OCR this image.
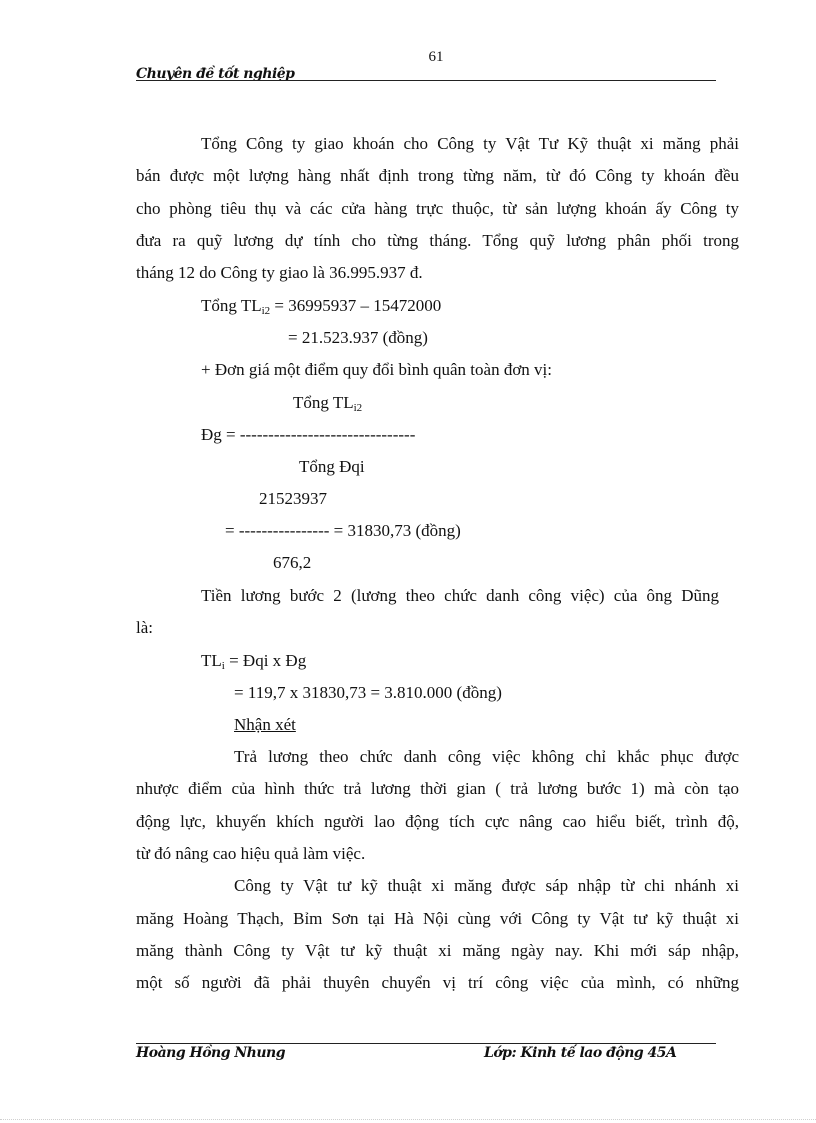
61
Chuyên đề tốt nghiệp
Tổng Công ty giao khoán cho Công ty Vật Tư Kỹ thuật xi măng phải
bán được một lượng hàng nhất định trong từng năm, từ đó Công ty khoán đều
cho phòng tiêu thụ và các cửa hàng trực thuộc, từ sản lượng khoán ấy Công ty
đưa ra quỹ lương dự tính cho từng tháng. Tổng quỹ lương phân phối trong
tháng 12 do Công ty giao là 36.995.937 đ.
Tổng $TL_{i2} = 36995937 - 15472000$
= 21.523.937 (đồng)
+ Đơn giá một điểm quy đổi bình quân toàn đơn vị:
Tổng $TL_{i2}$
Đg = -------------------------------
Tổng Đqi
21523937
= ---------------- = 31830,73 (đồng)
676,2
Tiền lương bước 2 (lương theo chức danh công việc) của ông Dũng
là:
$TL_i$ = Đqi x Đg
= 119,7 x 31830,73 = 3.810.000 (đồng)
Nhận xét
Trả lương theo chức danh công việc không chỉ khắc phục được
nhược điểm của hình thức trả lương thời gian ( trả lương bước 1) mà còn tạo
động lực, khuyến khích người lao động tích cực nâng cao hiểu biết, trình độ,
từ đó nâng cao hiệu quả làm việc.
Công ty Vật tư kỹ thuật xi măng được sáp nhập từ chi nhánh xi
măng Hoàng Thạch, Bỉm Sơn tại Hà Nội cùng với Công ty Vật tư kỹ thuật xi
măng thành Công ty Vật tư kỹ thuật xi măng ngày nay. Khi mới sáp nhập,
một số người đã phải thuyên chuyển vị trí công việc của mình, có những
Hoàng Hồng Nhung	Lớp: Kinh tế lao động 45A
